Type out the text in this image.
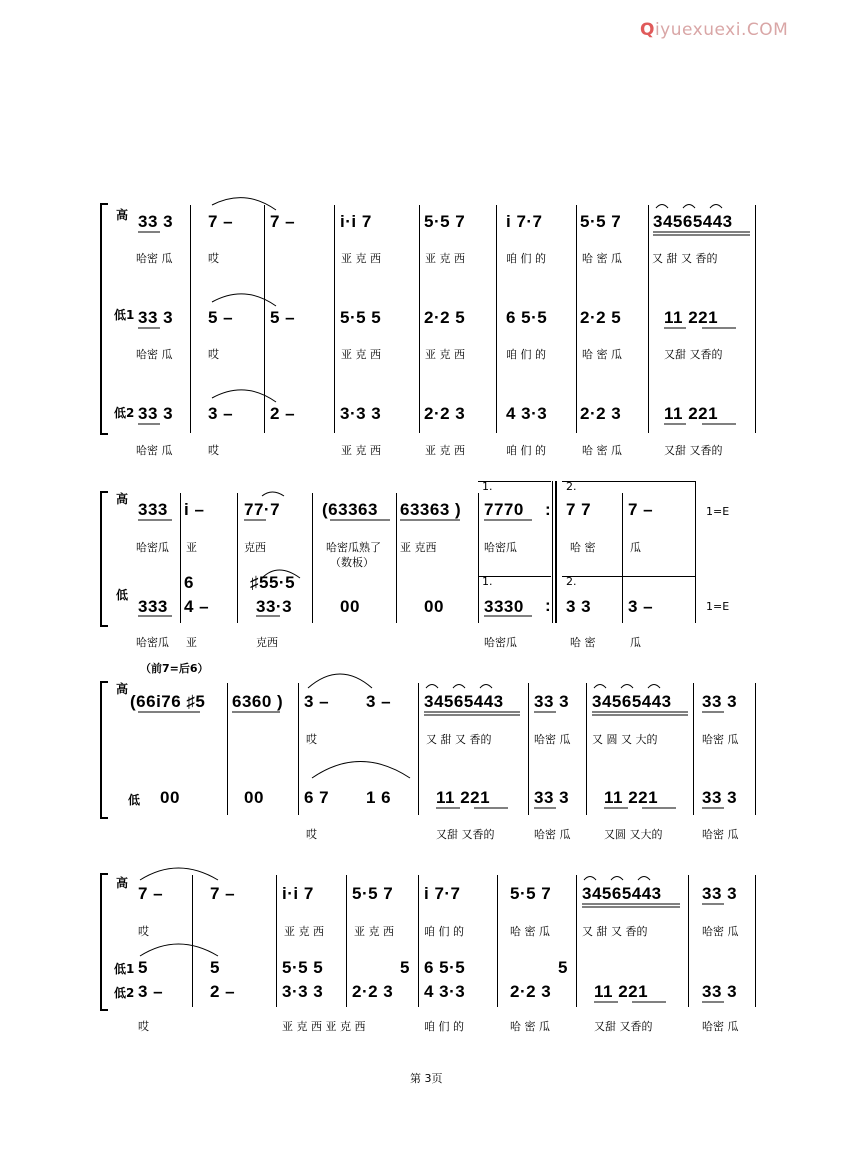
Qiyuexuexi.COM
高 33 3 7 – 7 –	i·i 7	5·5 7 i 7·7 5·5 7 34565443
哈密 瓜	哎	亚 克 西	亚 克 西	咱 们 的	哈 密 瓜	又 甜 又 香的
低1 33 3 5 – 5 –	5·5 5	2·2 5 6 5·5 2·2 5	11 221
哈密 瓜	哎	亚 克 西	亚 克 西	咱 们 的	哈 密 瓜	又甜 又香的
低2 33 3 3 – 2 –	3·3 3	2·2 3 4 3·3 2·2 3	11 221
哈密 瓜	哎	亚 克 西	亚 克 西	咱 们 的	哈 密 瓜	又甜 又香的
1.	2.
1.	2.
:
:
高
333 i – 77·7 (63363 63363 ) 7770 7 7 7 –	1=E
哈密瓜 亚	克西	哈密瓜熟了 亚 克西	哈密瓜	哈 密	瓜
（数板）
6	♯55·5
低
333 4 –	33·3	00	00 3330 3 3 3 –	1=E
哈密瓜 亚	克西	哈密瓜	哈 密	瓜
（前7=后6）
高
(66i76 ♯5 6360 ) 3 – 3 – 34565443 33 3 34565443 33 3
哎	又 甜 又 香的	哈密 瓜 又 圆 又 大的	哈密 瓜
低 00	00 6 7 1 6	11 221	33 3 11 221	33 3
哎	又甜 又香的	哈密 瓜	又圆 又大的	哈密 瓜
高
7 –	7 –	i·i 7 5·5 7 i 7·7	5·5 7 34565443 33 3
哎	亚 克 西	亚 克 西	咱 们 的	哈 密 瓜	又 甜 又 香的	哈密 瓜
低1 5	5	5·5 5	5 6 5·5	5
低2 3 –	2 –	3·3 3 2·2 3 4 3·3	2·2 3	11 221	33 3
哎	亚 克 西 亚 克 西	咱 们 的	哈 密 瓜	又甜 又香的	哈密 瓜
第 3页
